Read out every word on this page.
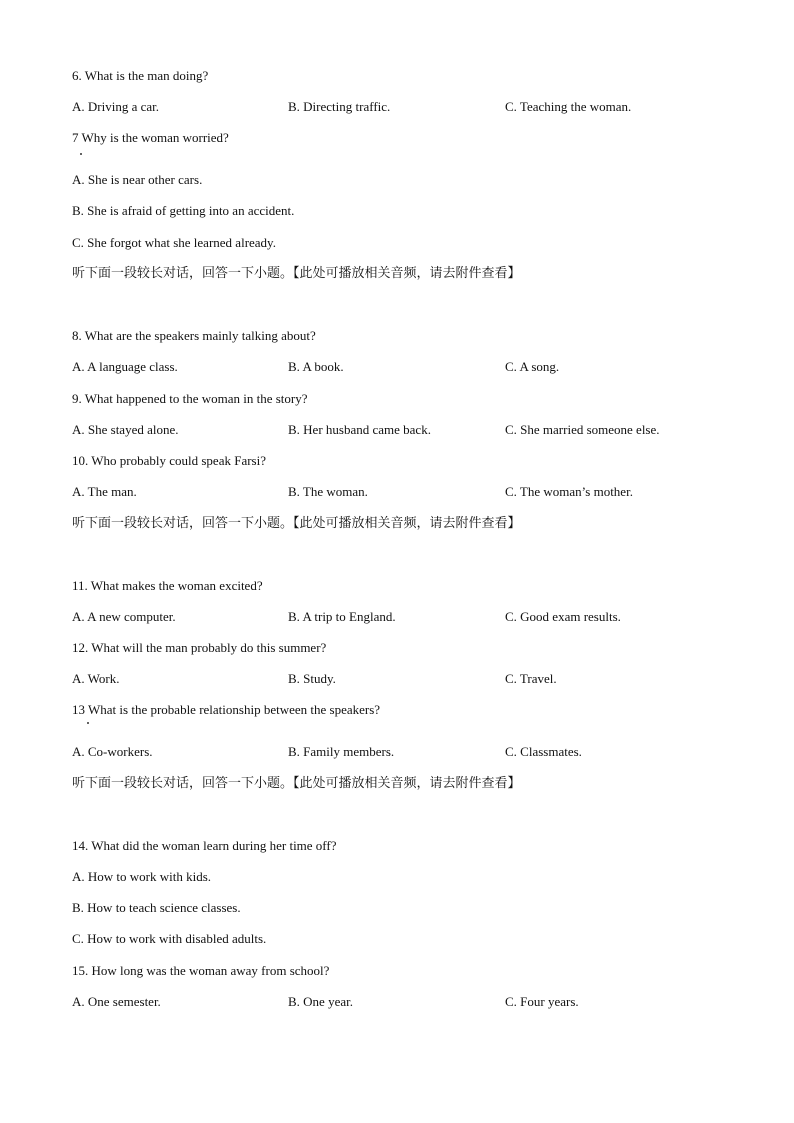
6. What is the man doing?
A. Driving a car.	B. Directing traffic.	C. Teaching the woman.
7 Why is the woman worried?
A. She is near other cars.
B. She is afraid of getting into an accident.
C. She forgot what she learned already.
听下面一段较长对话，回答一下小题。【此处可播放相关音频，请去附件查看】
8. What are the speakers mainly talking about?
A. A language class.	B. A book.	C. A song.
9. What happened to the woman in the story?
A. She stayed alone.	B. Her husband came back.	C. She married someone else.
10. Who probably could speak Farsi?
A. The man.	B. The woman.	C. The woman’s mother.
听下面一段较长对话，回答一下小题。【此处可播放相关音频，请去附件查看】
11. What makes the woman excited?
A. A new computer.	B. A trip to England.	C. Good exam results.
12. What will the man probably do this summer?
A. Work.	B. Study.	C. Travel.
13 What is the probable relationship between the speakers?
A. Co-workers.	B. Family members.	C. Classmates.
听下面一段较长对话，回答一下小题。【此处可播放相关音频，请去附件查看】
14. What did the woman learn during her time off?
A. How to work with kids.
B. How to teach science classes.
C. How to work with disabled adults.
15. How long was the woman away from school?
A. One semester.	B. One year.	C. Four years.
